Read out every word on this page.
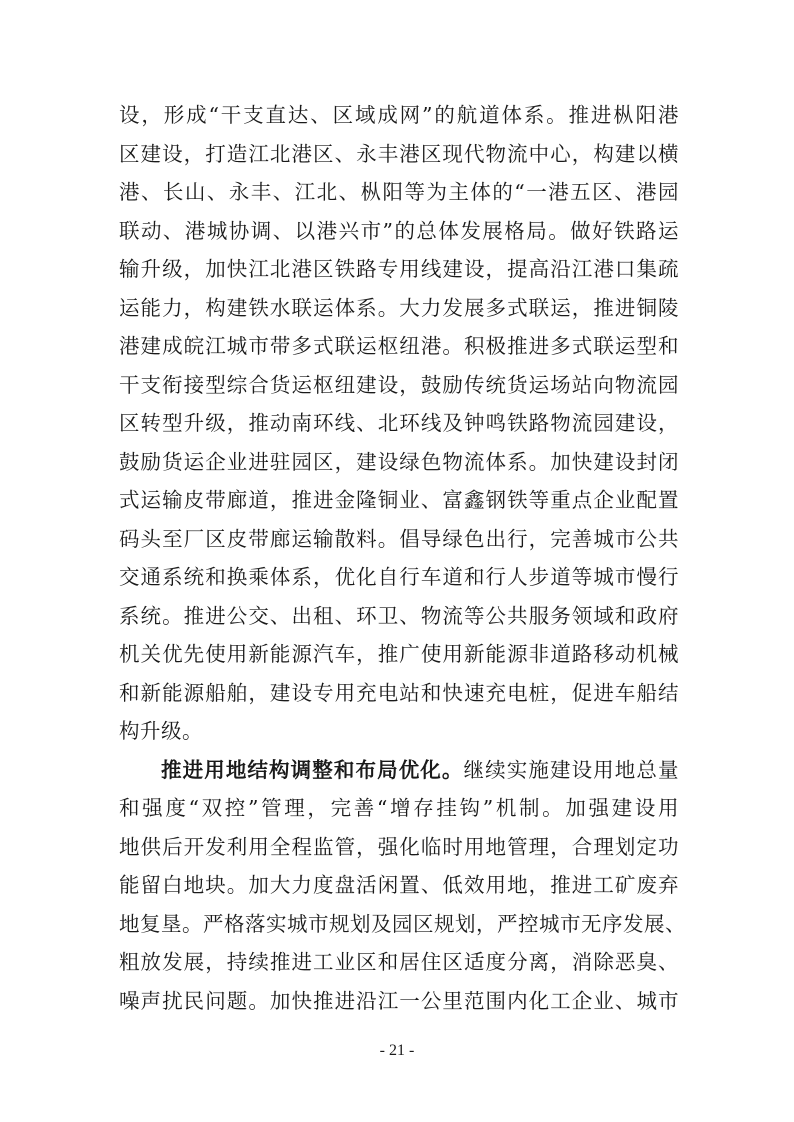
设，形成“干支直达、区域成网”的航道体系。推进枞阳港
区建设，打造江北港区、永丰港区现代物流中心，构建以横
港、长山、永丰、江北、枞阳等为主体的“一港五区、港园
联动、港城协调、以港兴市”的总体发展格局。做好铁路运
输升级，加快江北港区铁路专用线建设，提高沿江港口集疏
运能力，构建铁水联运体系。大力发展多式联运，推进铜陵
港建成皖江城市带多式联运枢纽港。积极推进多式联运型和
干支衔接型综合货运枢纽建设，鼓励传统货运场站向物流园
区转型升级，推动南环线、北环线及钟鸣铁路物流园建设，
鼓励货运企业进驻园区，建设绿色物流体系。加快建设封闭
式运输皮带廊道，推进金隆铜业、富鑫钢铁等重点企业配置
码头至厂区皮带廊运输散料。倡导绿色出行，完善城市公共
交通系统和换乘体系，优化自行车道和行人步道等城市慢行
系统。推进公交、出租、环卫、物流等公共服务领域和政府
机关优先使用新能源汽车，推广使用新能源非道路移动机械
和新能源船舶，建设专用充电站和快速充电桩，促进车船结
构升级。
推进用地结构调整和布局优化。继续实施建设用地总量
和强度“双控”管理，完善“增存挂钩”机制。加强建设用
地供后开发利用全程监管，强化临时用地管理，合理划定功
能留白地块。加大力度盘活闲置、低效用地，推进工矿废弃
地复垦。严格落实城市规划及园区规划，严控城市无序发展、
粗放发展，持续推进工业区和居住区适度分离，消除恶臭、
噪声扰民问题。加快推进沿江一公里范围内化工企业、城市
- 21 -
